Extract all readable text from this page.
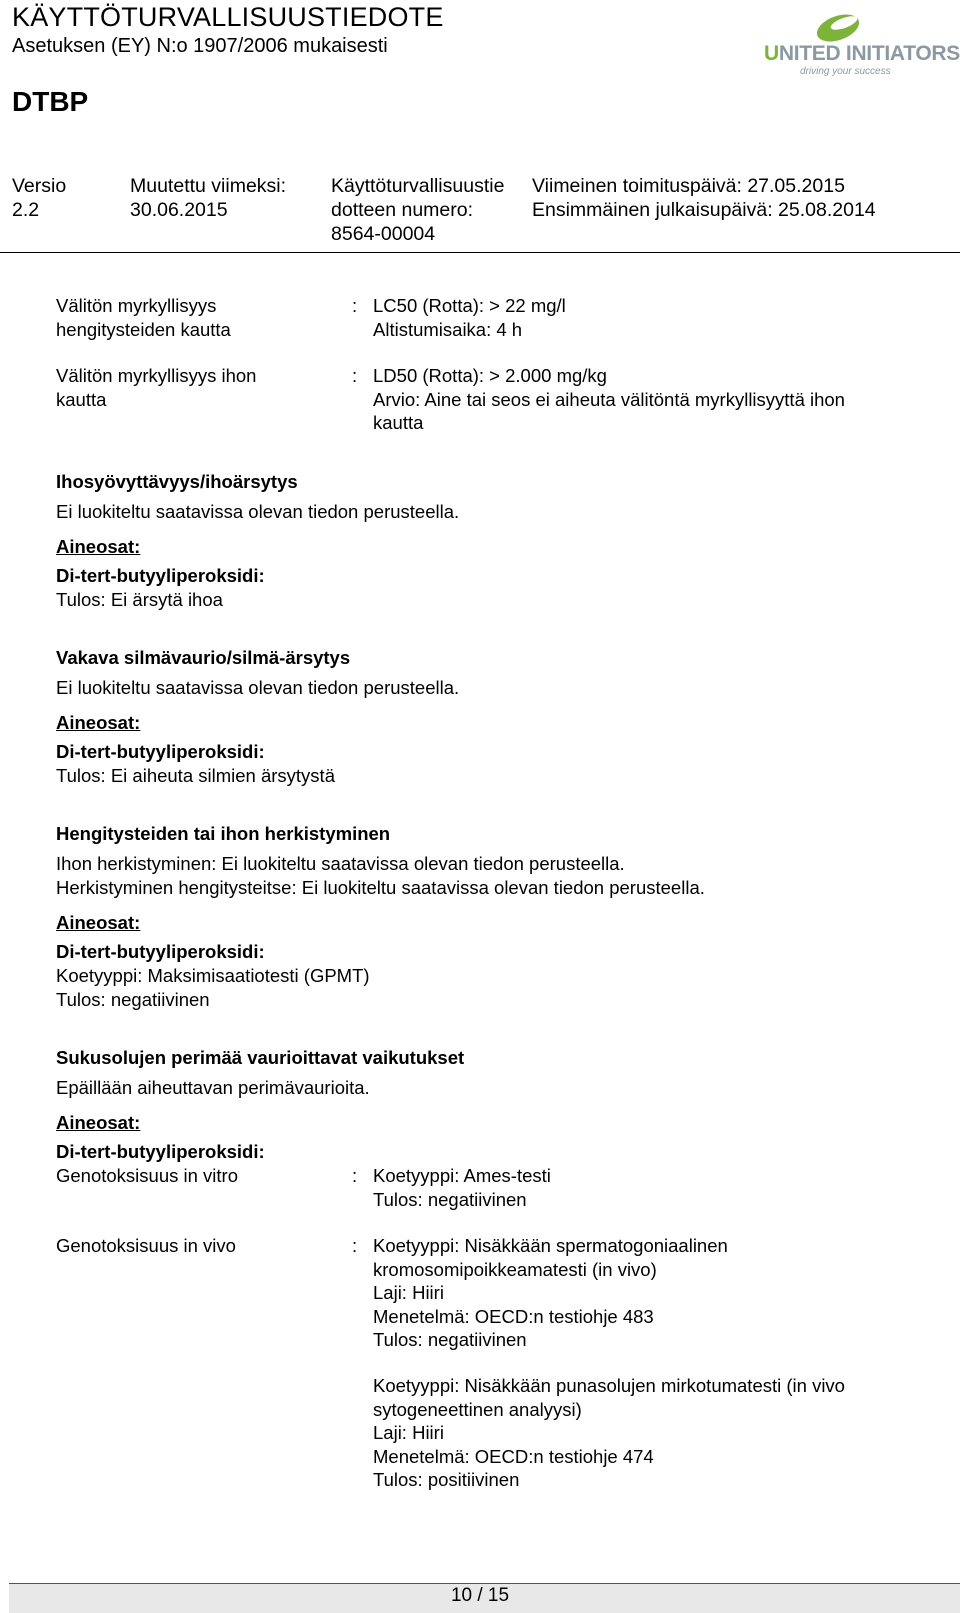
KÄYTTÖTURVALLISUUSTIEDOTE
Asetuksen (EY) N:o 1907/2006 mukaisesti
DTBP
UNITED INITIATORS
driving your success
Versio
2.2
Muutettu viimeksi:
30.06.2015
Käyttöturvallisuustie
dotteen numero:
8564-00004
Viimeinen toimituspäivä: 27.05.2015
Ensimmäinen julkaisupäivä: 25.08.2014
Välitön myrkyllisyys
hengitysteiden kautta
: LC50 (Rotta): > 22 mg/l
Altistumisaika: 4 h
Välitön myrkyllisyys ihon
kautta
: LD50 (Rotta): > 2.000 mg/kg
Arvio: Aine tai seos ei aiheuta välitöntä myrkyllisyyttä ihon
kautta
Ihosyövyttävyys/ihoärsytys
Ei luokiteltu saatavissa olevan tiedon perusteella.
Aineosat:
Di-tert-butyyliperoksidi:
Tulos: Ei ärsytä ihoa
Vakava silmävaurio/silmä-ärsytys
Ei luokiteltu saatavissa olevan tiedon perusteella.
Aineosat:
Di-tert-butyyliperoksidi:
Tulos: Ei aiheuta silmien ärsytystä
Hengitysteiden tai ihon herkistyminen
Ihon herkistyminen: Ei luokiteltu saatavissa olevan tiedon perusteella.
Herkistyminen hengitysteitse: Ei luokiteltu saatavissa olevan tiedon perusteella.
Aineosat:
Di-tert-butyyliperoksidi:
Koetyyppi: Maksimisaatiotesti (GPMT)
Tulos: negatiivinen
Sukusolujen perimää vaurioittavat vaikutukset
Epäillään aiheuttavan perimävaurioita.
Aineosat:
Di-tert-butyyliperoksidi:
Genotoksisuus in vitro	: Koetyyppi: Ames-testi
Tulos: negatiivinen
Genotoksisuus in vivo	: Koetyyppi: Nisäkkään spermatogoniaalinen
kromosomipoikkeamatesti (in vivo)
Laji: Hiiri
Menetelmä: OECD:n testiohje 483
Tulos: negatiivinen
Koetyyppi: Nisäkkään punasolujen mirkotumatesti (in vivo
sytogeneettinen analyysi)
Laji: Hiiri
Menetelmä: OECD:n testiohje 474
Tulos: positiivinen
10 / 15
